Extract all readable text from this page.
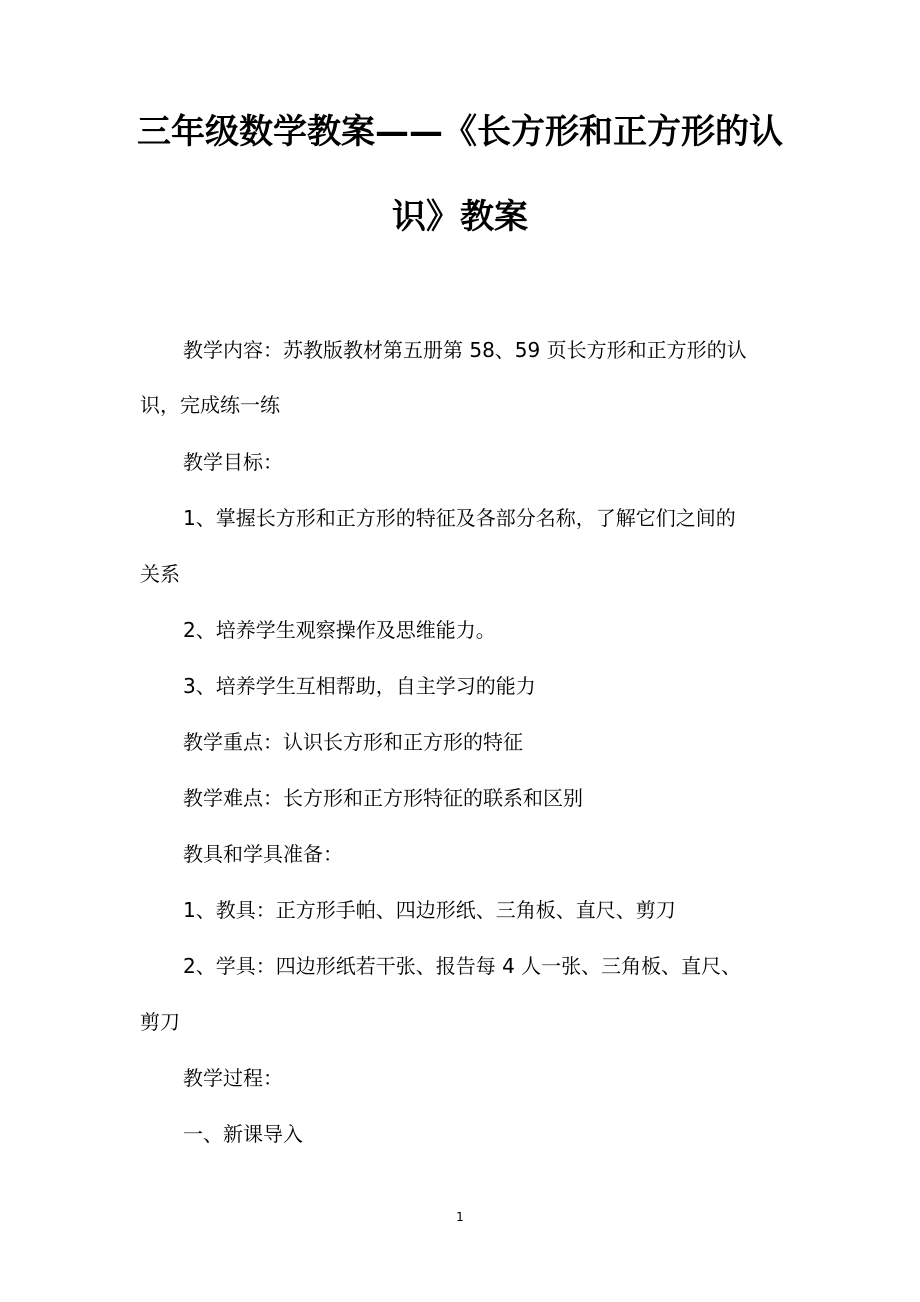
三年级数学教案——《长方形和正方形的认
识》教案
教学内容：苏教版教材第五册第 58、59 页长方形和正方形的认
识，完成练一练
教学目标：
1、掌握长方形和正方形的特征及各部分名称，了解它们之间的
关系
2、培养学生观察操作及思维能力。
3、培养学生互相帮助，自主学习的能力
教学重点：认识长方形和正方形的特征
教学难点：长方形和正方形特征的联系和区别
教具和学具准备：
1、教具：正方形手帕、四边形纸、三角板、直尺、剪刀
2、学具：四边形纸若干张、报告每 4 人一张、三角板、直尺、
剪刀
教学过程：
一、新课导入
1
